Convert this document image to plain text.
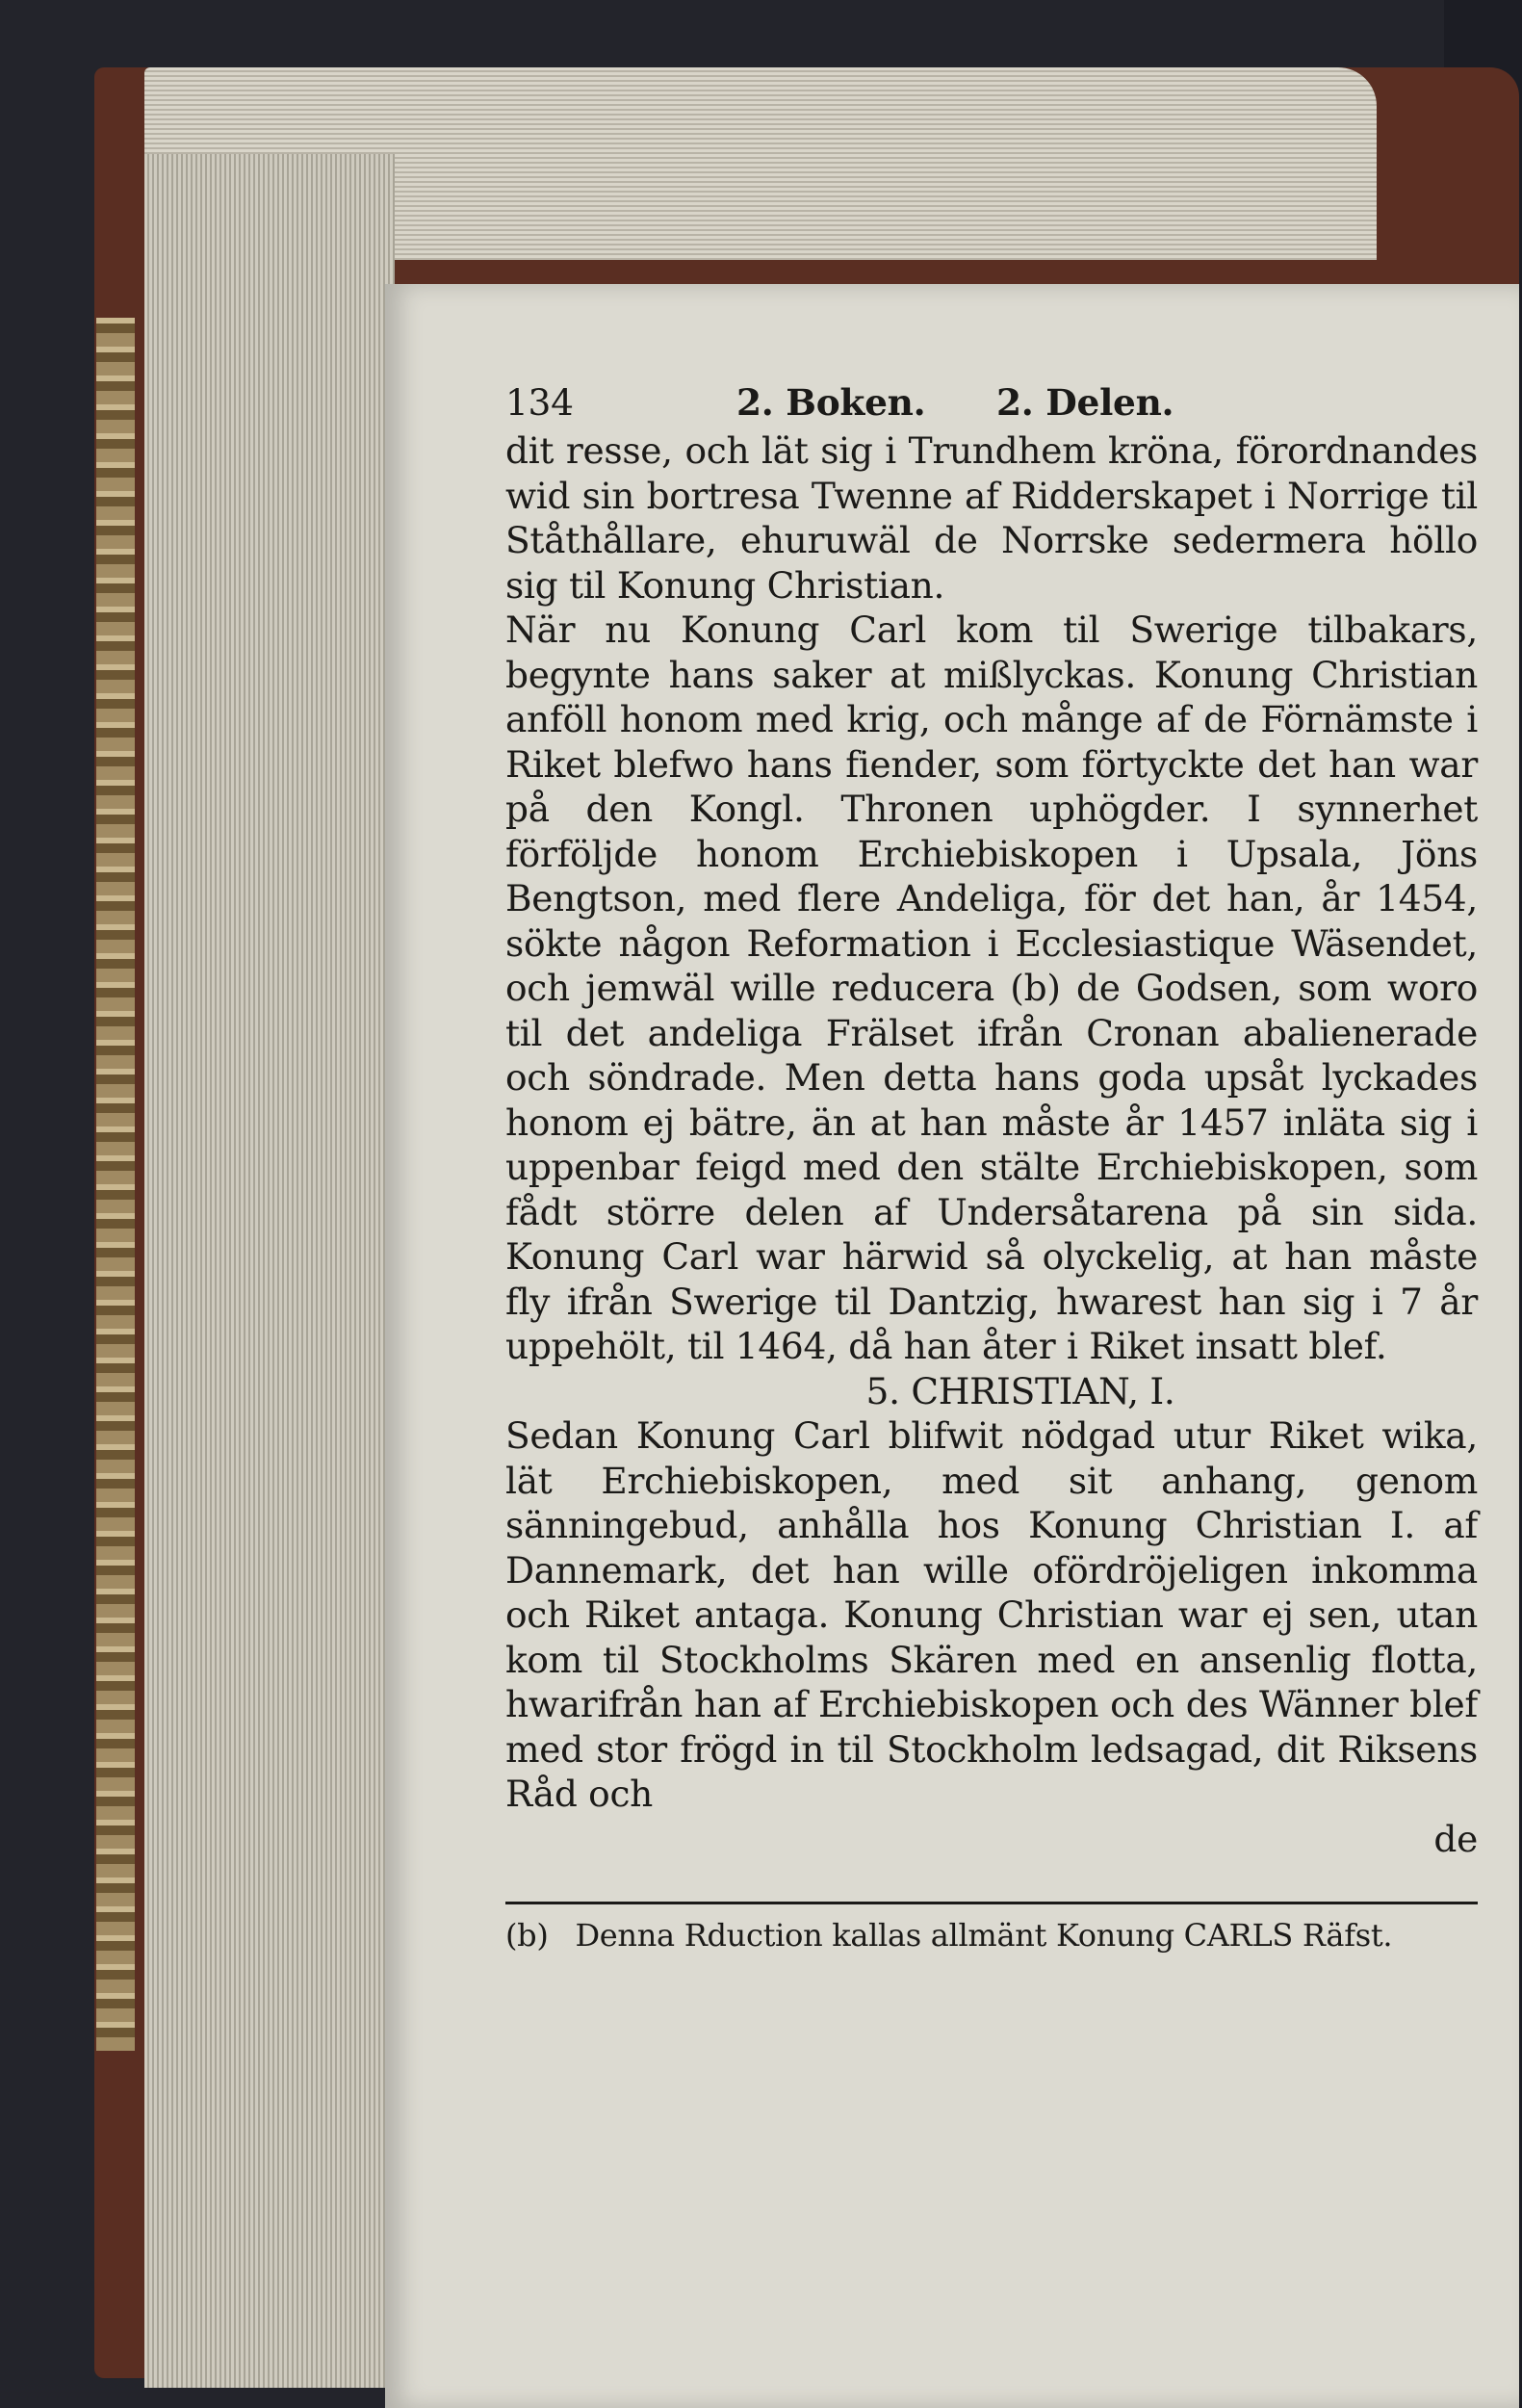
134	2. Boken.	2. Delen.

dit resse, och lät sig i Trundhem kröna, förordnandes wid sin bortresa Twenne af Ridderskapet i Norrige til Ståthållare, ehuruwäl de Norrske sedermera höllo sig til Konung Christian.

När nu Konung Carl kom til Swerige tilbakars, begynte hans saker at mißlyckas. Konung Christian anföll honom med krig, och månge af de Förnämste i Riket blefwo hans fiender, som förtyckte det han war på den Kongl. Thronen uphögder. I synnerhet förföljde honom Erchiebiskopen i Upsala, Jöns Bengtson, med flere Andeliga, för det han, år 1454, sökte någon Reformation i Ecclesiastique Wäsendet, och jemwäl wille reducera (b) de Godsen, som woro til det andeliga Frälset ifrån Cronan abalienerade och söndrade. Men detta hans goda upsåt lyckades honom ej bätre, än at han måste år 1457 inläta sig i uppenbar feigd med den stälte Erchiebiskopen, som fådt större delen af Undersåtarena på sin sida. Konung Carl war härwid så olyckelig, at han måste fly ifrån Swerige til Dantzig, hwarest han sig i 7 år uppehölt, til 1464, då han åter i Riket insatt blef.

5. CHRISTIAN, I.

Sedan Konung Carl blifwit nödgad utur Riket wika, lät Erchiebiskopen, med sit anhang, genom sänningebud, anhålla hos Konung Christian I. af Dannemark, det han wille ofördröjeligen inkomma och Riket antaga. Konung Christian war ej sen, utan kom til Stockholms Skären med en ansenlig flotta, hwarifrån han af Erchiebiskopen och des Wänner blef med stor frögd in til Stockholm ledsagad, dit Riksens Råd och

de
(b) Denna Rduction kallas allmänt Konung CARLS Räfst.
